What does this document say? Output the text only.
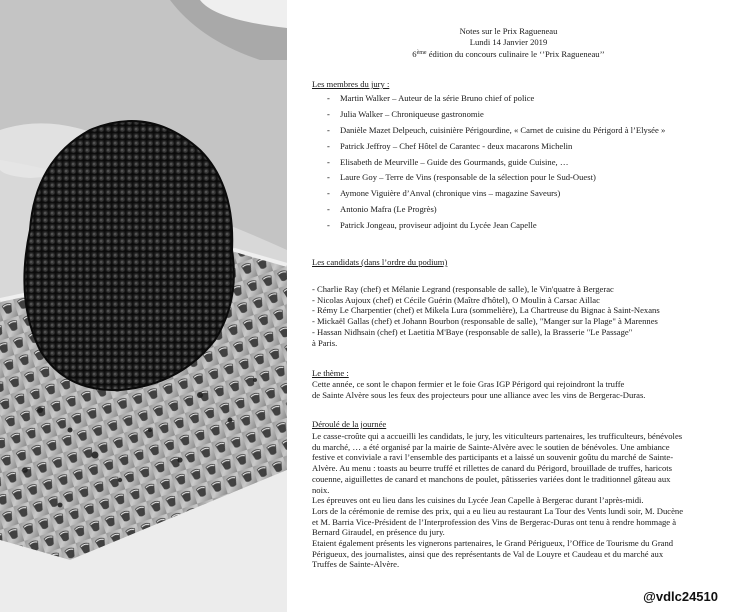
Notes sur le Prix Ragueneau
Lundi 14 Janvier 2019
6ème édition du concours culinaire le ‘’Prix Ragueneau’’
Les membres du jury :
- Martin Walker – Auteur de la série Bruno chief of police
- Julia Walker – Chroniqueuse gastronomie
- Danièle Mazet Delpeuch, cuisinière Périgourdine, « Carnet de cuisine du Périgord à l’Elysée »
- Patrick Jeffroy – Chef Hôtel de Carantec - deux macarons Michelin
- Elisabeth de Meurville – Guide des Gourmands, guide Cuisine, …
- Laure Goy – Terre de Vins (responsable de la sélection pour le Sud-Ouest)
- Aymone Viguière d’Anval (chronique vins – magazine Saveurs)
- Antonio Mafra (Le Progrès)
- Patrick Jongeau, proviseur adjoint du Lycée Jean Capelle
Les candidats (dans l’ordre du podium)
- Charlie Ray (chef) et Mélanie Legrand (responsable de salle), le Vin'quatre à Bergerac
- Nicolas Aujoux (chef) et Cécile Guérin (Maître d'hôtel), O Moulin à Carsac Aillac
- Rémy Le Charpentier (chef) et Mikela Lura (sommelière), La Chartreuse du Bignac à Saint-Nexans
- Mickaël Gallas (chef) et Johann Bourbon (responsable de salle), "Manger sur la Plage" à Marennes
- Hassan Nidhsain (chef) et Laetitia M'Baye (responsable de salle), la Brasserie "Le Passage"
à Paris.
Le thème :
Cette année, ce sont le chapon fermier et le foie Gras IGP Périgord qui rejoindront la truffe
de Sainte Alvère sous les feux des projecteurs pour une alliance avec les vins de Bergerac-Duras.
Déroulé de la journée
Le casse-croûte qui a accueilli les candidats, le jury, les viticulteurs partenaires, les trufficulteurs, bénévoles
du marché, … a été organisé par la mairie de Sainte-Alvère avec le soutien de bénévoles. Une ambiance
festive et conviviale a ravi l’ensemble des participants et a laissé un souvenir goûtu du marché de Sainte-
Alvère. Au menu : toasts au beurre truffé et rillettes de canard du Périgord, brouillade de truffes, haricots
couenne, aiguillettes de canard et manchons de poulet, pâtisseries variées dont le traditionnel gâteau aux
noix.
Les épreuves ont eu lieu dans les cuisines du Lycée Jean Capelle à Bergerac durant l’après-midi.
Lors de la cérémonie de remise des prix, qui a eu lieu au restaurant La Tour des Vents lundi soir, M. Ducène
et M. Barria Vice-Président de l’Interprofession des Vins de Bergerac-Duras ont tenu à rendre hommage à
Bernard Giraudel, en présence du jury.
Etaient également présents les vignerons partenaires, le Grand Périgueux, l’Office de Tourisme du Grand
Périgueux, des journalistes, ainsi que des représentants de Val de Louyre et Caudeau et du marché aux
Truffes de Sainte-Alvère.
@vdlc24510
